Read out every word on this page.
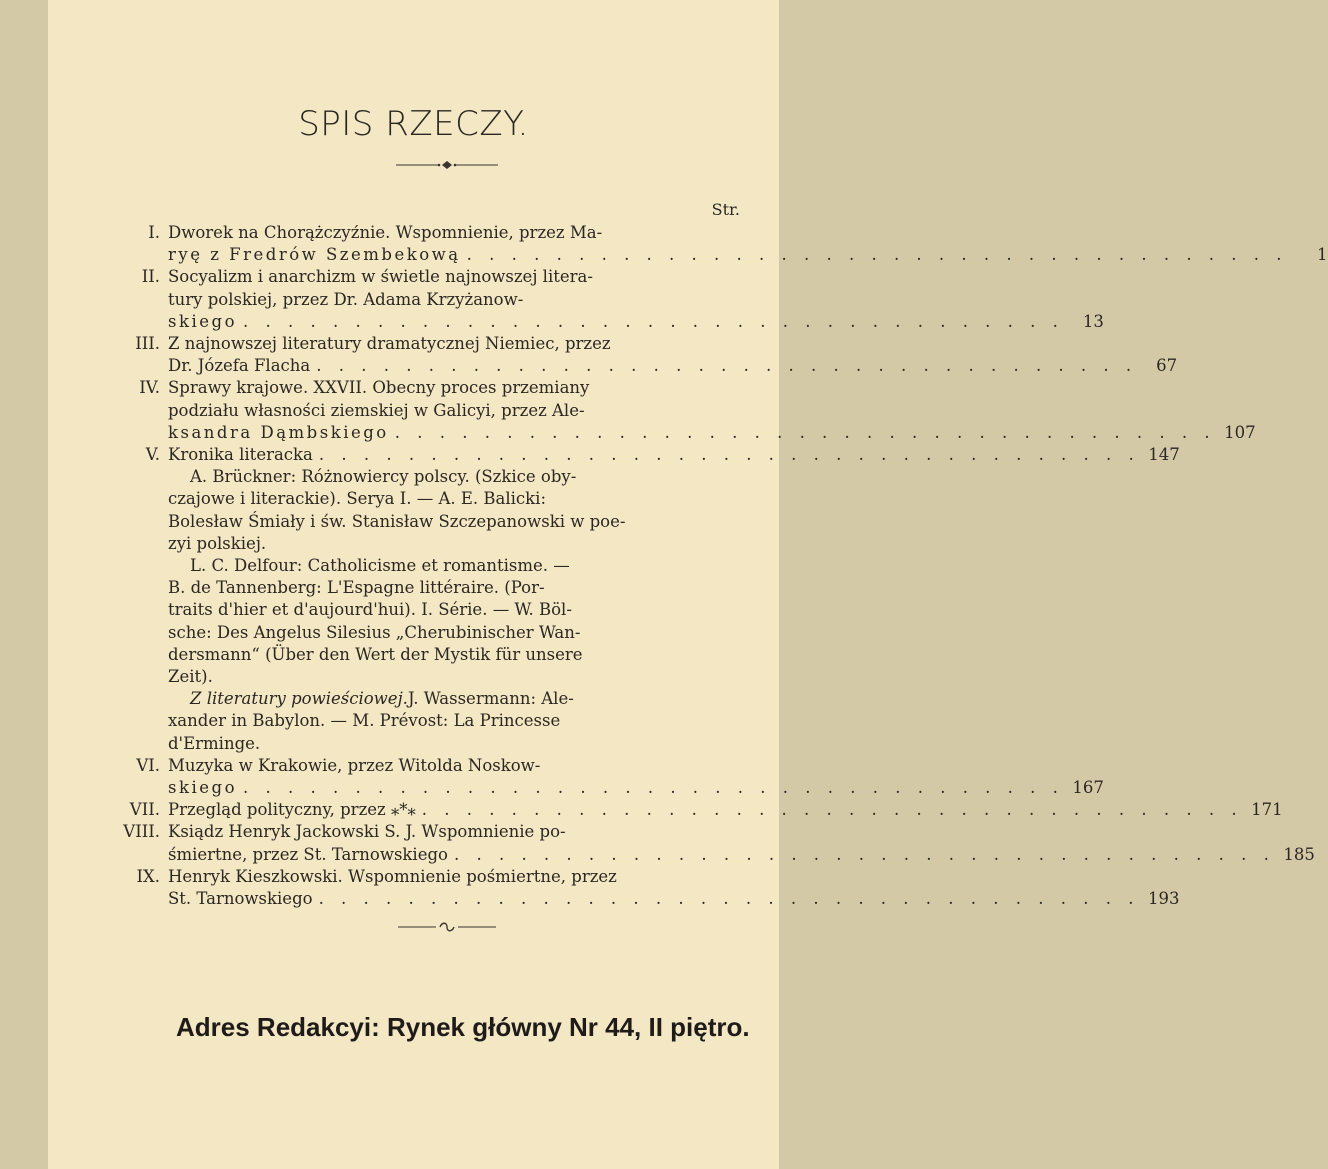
SPIS RZECZY.
Str.
I. Dworek na Chorążczyźnie. Wspomnienie, przez Ma-
ryę z Fredrów Szembekową . . . . . . . . . . . . . . . . . . . . . . . . . . . . . . . . . . . . .	1
II. Socyalizm i anarchizm w świetle najnowszej litera-
tury polskiej, przez Dr. Adama Krzyżanow-
skiego . . . . . . . . . . . . . . . . . . . . . . . . . . . . . . . . . . . . .	13
III. Z najnowszej literatury dramatycznej Niemiec, przez
Dr. Józefa Flacha . . . . . . . . . . . . . . . . . . . . . . . . . . . . . . . . . . . . .	67
IV. Sprawy krajowe. XXVII. Obecny proces przemiany
podziału własności ziemskiej w Galicyi, przez Ale-
ksandra Dąmbskiego . . . . . . . . . . . . . . . . . . . . . . . . . . . . . . . . . . . . . 107
V. Kronika literacka . . . . . . . . . . . . . . . . . . . . . . . . . . . . . . . . . . . . . 147
A. Brückner: Różnowiercy polscy. (Szkice oby-
czajowe i literackie). Serya I. — A. E. Balicki:
Bolesław Śmiały i św. Stanisław Szczepanowski w poe-
zyi polskiej.
L. C. Delfour: Catholicisme et romantisme. —
B. de Tannenberg: L'Espagne littéraire. (Por-
traits d'hier et d'aujourd'hui). I. Série. — W. Böl-
sche: Des Angelus Silesius „Cherubinischer Wan-
dersmann“ (Über den Wert der Mystik für unsere
Zeit).
Z literatury powieściowej. J. Wassermann: Ale-
xander in Babylon. — M. Prévost: La Princesse
d'Erminge.
VI. Muzyka w Krakowie, przez Witolda Noskow-
skiego . . . . . . . . . . . . . . . . . . . . . . . . . . . . . . . . . . . . . 167
VII. Przegląd polityczny, przez ⁎*⁎ . . . . . . . . . . . . . . . . . . . . . . . . . . . . . . . . . . . . . 171
VIII. Ksiądz Henryk Jackowski S. J. Wspomnienie po-
śmiertne, przez St. Tarnowskiego . . . . . . . . . . . . . . . . . . . . . . . . . . . . . . . . . . . . . 185
IX. Henryk Kieszkowski. Wspomnienie pośmiertne, przez
St. Tarnowskiego . . . . . . . . . . . . . . . . . . . . . . . . . . . . . . . . . . . . . 193
Adres Redakcyi: Rynek główny Nr 44, II piętro.
